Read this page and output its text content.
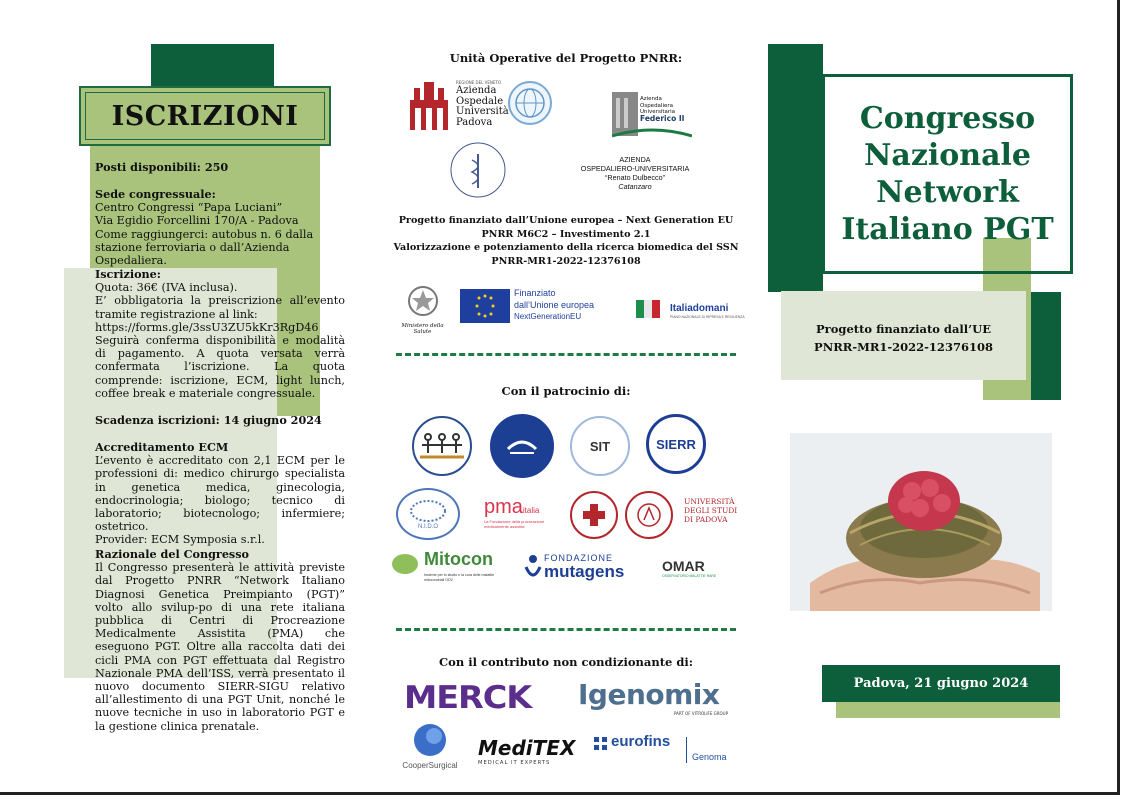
ISCRIZIONI

Posti disponibili: 250

Sede congressuale:

Centro Congressi “Papa Luciani”

Via Egidio Forcellini 170/A - Padova

Come raggiungerci: autobus n. 6 dalla stazione ferroviaria o dall’Azienda Ospedaliera.

Iscrizione:

Quota: 36€ (IVA inclusa).

E’ obbligatoria la preiscrizione all’evento tramite registrazione al link:

https://forms.gle/3ssU3ZU5kKr3RgD46

Seguirà conferma disponibilità e modalità di pagamento. A quota versata verrà confermata l’iscrizione. La quota comprende: iscrizione, ECM, light lunch, coffee break e materiale congressuale.

Scadenza iscrizioni: 14 giugno 2024

Accreditamento ECM

L’evento è accreditato con 2,1 ECM per le professioni di: medico chirurgo specialista in genetica medica, ginecologia, endocrinologia; biologo; tecnico di laboratorio; biotecnologo; infermiere; ostetrico.

Provider: ECM Symposia s.r.l.

Razionale del Congresso

Il Congresso presenterà le attività previste dal Progetto PNRR “Network Italiano Diagnosi Genetica Preimpianto (PGT)” volto allo svilup-po di una rete italiana pubblica di Centri di Procreazione Medicalmente Assistita (PMA) che eseguono PGT. Oltre alla raccolta dati dei cicli PMA con PGT effettuata dal Registro Nazionale PMA dell’ISS, verrà presentato il nuovo documento SIERR-SIGU relativo all’allestimento di una PGT Unit, nonché le nuove tecniche in uso in laboratorio PGT e la gestione clinica prenatale.

Unità Operative del Progetto PNRR:
REGIONE DEL VENETO
Azienda
Ospedale
Università
Padova
Azienda
Ospedaliera
Universitaria
Federico II
AZIENDA
OSPEDALIERO-UNIVERSITARIA
“Renato Dulbecco”
Catanzaro
Progetto finanziato dall’Unione europea – Next Generation EU
PNRR M6C2 – Investimento 2.1
Valorizzazione e potenziamento della ricerca biomedica del SSN
PNRR-MR1-2022-12376108
Ministero della Salute
Finanziato
dall’Unione europea
NextGenerationEU
Italiadomani
PIANO NAZIONALE DI RIPRESA E RESILIENZA
Con il patrocinio di:
SIT	SIERR
N.I.D.O
pmaitalia
La Fondazione della procreazione medicalmente assistita
UNIVERSITÀ
DEGLI STUDI
DI PADOVA
Mitocon
Insieme per lo studio e la cura delle malattie mitocondriali ODV
FONDAZIONE
mutagens	OMAR
OSSERVATORIO MALATTIE RARE
Con il contributo non condizionante di:
MERCK Igenomix
PART OF VITROLIFE GROUP
CooperSurgical
MediTEX
MEDICAL IT EXPERTS
eurofins
Genoma
Progetto finanziato dall’UE
PNRR-MR1-2022-12376108
Congresso
Nazionale
Network
Italiano PGT
Padova, 21 giugno 2024
